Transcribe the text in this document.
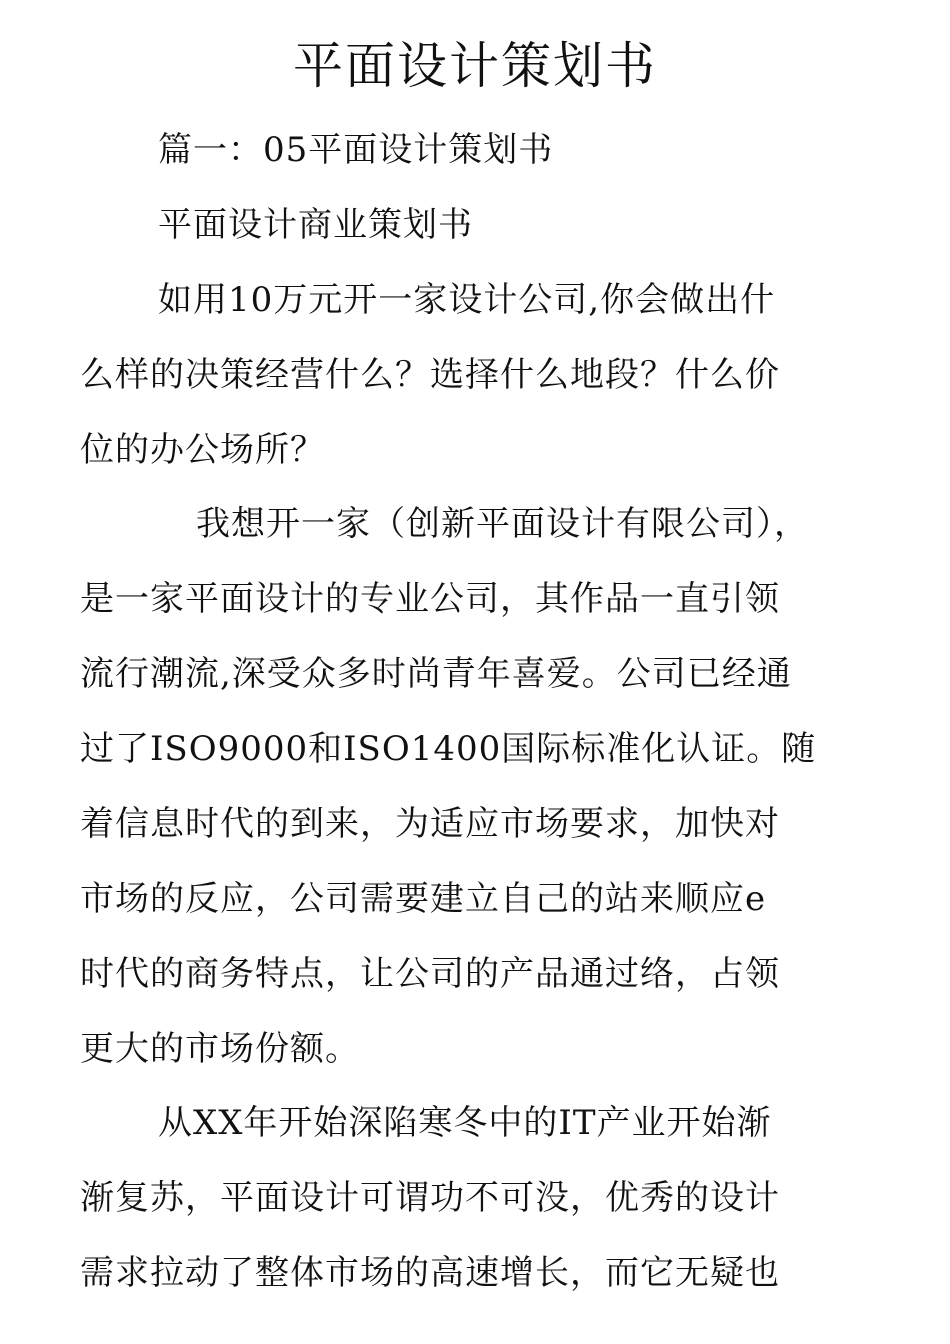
平面设计策划书

篇一：05平面设计策划书

平面设计商业策划书

如用10万元开一家设计公司,你会做出什

么样的决策经营什么？选择什么地段？什么价

位的办公场所？

我想开一家（创新平面设计有限公司），

是一家平面设计的专业公司，其作品一直引领

流行潮流,深受众多时尚青年喜爱。公司已经通

过了ISO9000和ISO1400国际标准化认证。随

着信息时代的到来，为适应市场要求，加快对

市场的反应，公司需要建立自己的站来顺应e

时代的商务特点，让公司的产品通过络，占领

更大的市场份额。

从XX年开始深陷寒冬中的IT产业开始渐

渐复苏，平面设计可谓功不可没，优秀的设计

需求拉动了整体市场的高速增长，而它无疑也
